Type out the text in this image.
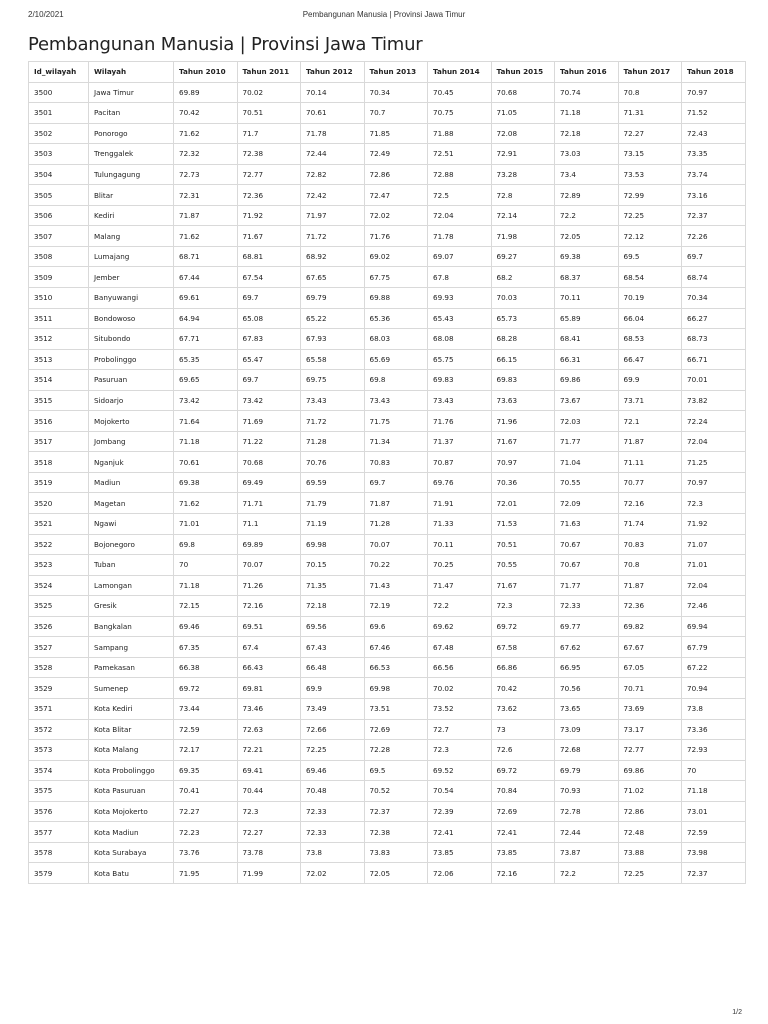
2/10/2021	Pembangunan Manusia | Provinsi Jawa Timur
Pembangunan Manusia | Provinsi Jawa Timur
Id_wilayah	Wilayah	Tahun 2010	Tahun 2011	Tahun 2012	Tahun 2013	Tahun 2014	Tahun 2015	Tahun 2016	Tahun 2017	Tahun 2018
3500	Jawa Timur	69.89	70.02	70.14	70.34	70.45	70.68	70.74	70.8	70.97
3501	Pacitan	70.42	70.51	70.61	70.7	70.75	71.05	71.18	71.31	71.52
3502	Ponorogo	71.62	71.7	71.78	71.85	71.88	72.08	72.18	72.27	72.43
3503	Trenggalek	72.32	72.38	72.44	72.49	72.51	72.91	73.03	73.15	73.35
3504	Tulungagung	72.73	72.77	72.82	72.86	72.88	73.28	73.4	73.53	73.74
3505	Blitar	72.31	72.36	72.42	72.47	72.5	72.8	72.89	72.99	73.16
3506	Kediri	71.87	71.92	71.97	72.02	72.04	72.14	72.2	72.25	72.37
3507	Malang	71.62	71.67	71.72	71.76	71.78	71.98	72.05	72.12	72.26
3508	Lumajang	68.71	68.81	68.92	69.02	69.07	69.27	69.38	69.5	69.7
3509	Jember	67.44	67.54	67.65	67.75	67.8	68.2	68.37	68.54	68.74
3510	Banyuwangi	69.61	69.7	69.79	69.88	69.93	70.03	70.11	70.19	70.34
3511	Bondowoso	64.94	65.08	65.22	65.36	65.43	65.73	65.89	66.04	66.27
3512	Situbondo	67.71	67.83	67.93	68.03	68.08	68.28	68.41	68.53	68.73
3513	Probolinggo	65.35	65.47	65.58	65.69	65.75	66.15	66.31	66.47	66.71
3514	Pasuruan	69.65	69.7	69.75	69.8	69.83	69.83	69.86	69.9	70.01
3515	Sidoarjo	73.42	73.42	73.43	73.43	73.43	73.63	73.67	73.71	73.82
3516	Mojokerto	71.64	71.69	71.72	71.75	71.76	71.96	72.03	72.1	72.24
3517	Jombang	71.18	71.22	71.28	71.34	71.37	71.67	71.77	71.87	72.04
3518	Nganjuk	70.61	70.68	70.76	70.83	70.87	70.97	71.04	71.11	71.25
3519	Madiun	69.38	69.49	69.59	69.7	69.76	70.36	70.55	70.77	70.97
3520	Magetan	71.62	71.71	71.79	71.87	71.91	72.01	72.09	72.16	72.3
3521	Ngawi	71.01	71.1	71.19	71.28	71.33	71.53	71.63	71.74	71.92
3522	Bojonegoro	69.8	69.89	69.98	70.07	70.11	70.51	70.67	70.83	71.07
3523	Tuban	70	70.07	70.15	70.22	70.25	70.55	70.67	70.8	71.01
3524	Lamongan	71.18	71.26	71.35	71.43	71.47	71.67	71.77	71.87	72.04
3525	Gresik	72.15	72.16	72.18	72.19	72.2	72.3	72.33	72.36	72.46
3526	Bangkalan	69.46	69.51	69.56	69.6	69.62	69.72	69.77	69.82	69.94
3527	Sampang	67.35	67.4	67.43	67.46	67.48	67.58	67.62	67.67	67.79
3528	Pamekasan	66.38	66.43	66.48	66.53	66.56	66.86	66.95	67.05	67.22
3529	Sumenep	69.72	69.81	69.9	69.98	70.02	70.42	70.56	70.71	70.94
3571	Kota Kediri	73.44	73.46	73.49	73.51	73.52	73.62	73.65	73.69	73.8
3572	Kota Blitar	72.59	72.63	72.66	72.69	72.7	73	73.09	73.17	73.36
3573	Kota Malang	72.17	72.21	72.25	72.28	72.3	72.6	72.68	72.77	72.93
3574	Kota Probolinggo	69.35	69.41	69.46	69.5	69.52	69.72	69.79	69.86	70
3575	Kota Pasuruan	70.41	70.44	70.48	70.52	70.54	70.84	70.93	71.02	71.18
3576	Kota Mojokerto	72.27	72.3	72.33	72.37	72.39	72.69	72.78	72.86	73.01
3577	Kota Madiun	72.23	72.27	72.33	72.38	72.41	72.41	72.44	72.48	72.59
3578	Kota Surabaya	73.76	73.78	73.8	73.83	73.85	73.85	73.87	73.88	73.98
3579	Kota Batu	71.95	71.99	72.02	72.05	72.06	72.16	72.2	72.25	72.37
1/2
